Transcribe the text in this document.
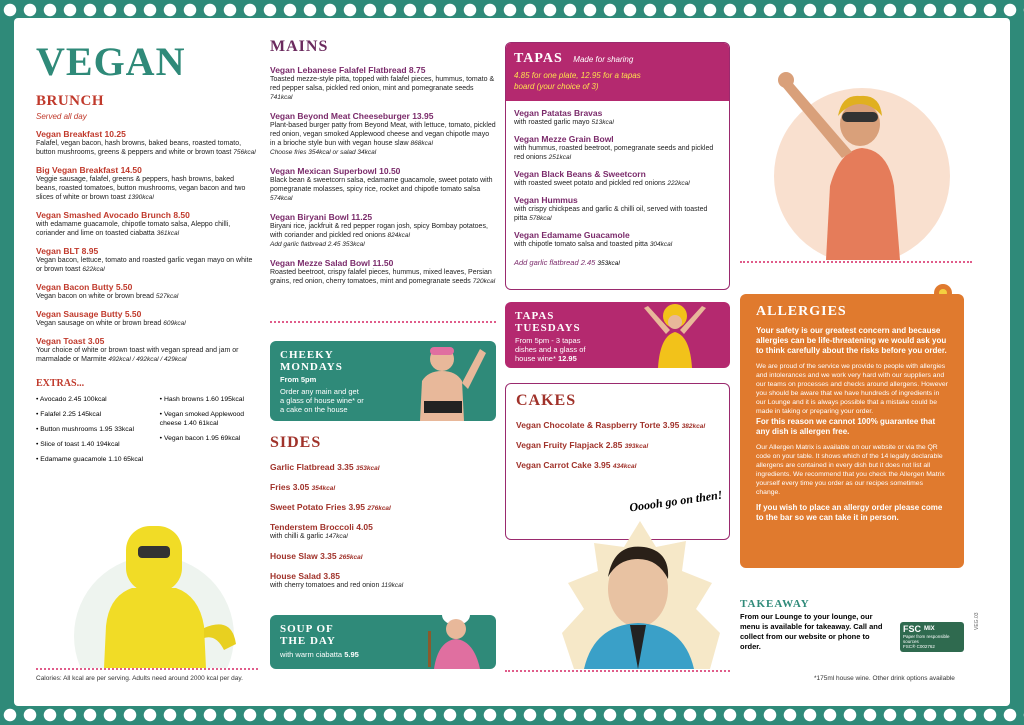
VEGAN
BRUNCH
Served all day
Vegan Breakfast 10.25
Falafel, vegan bacon, hash browns, baked beans, roasted tomato, button mushrooms, greens & peppers and white or brown toast 756kcal
Big Vegan Breakfast 14.50
Veggie sausage, falafel, greens & peppers, hash browns, baked beans, roasted tomatoes, button mushrooms, vegan bacon and two slices of white or brown toast 1390kcal
Vegan Smashed Avocado Brunch 8.50
with edamame guacamole, chipotle tomato salsa, Aleppo chilli, coriander and lime on toasted ciabatta 361kcal
Vegan BLT 8.95
Vegan bacon, lettuce, tomato and roasted garlic vegan mayo on white or brown toast 622kcal
Vegan Bacon Butty 5.50
Vegan bacon on white or brown bread 527kcal
Vegan Sausage Butty 5.50
Vegan sausage on white or brown bread 609kcal
Vegan Toast 3.05
Your choice of white or brown toast with vegan spread and jam or marmalade or Marmite 492kcal / 492kcal / 429kcal
EXTRAS...
• Avocado 2.45 100kcal
• Falafel 2.25 145kcal
• Button mushrooms 1.95 33kcal
• Slice of toast 1.40 194kcal
• Edamame guacamole 1.10 65kcal
• Hash browns 1.60 195kcal
• Vegan smoked Applewood cheese 1.40 61kcal
• Vegan bacon 1.95 69kcal
Calories: All kcal are per serving. Adults need around 2000 kcal per day.
MAINS
Vegan Lebanese Falafel Flatbread 8.75
Toasted mezze-style pitta, topped with falafel pieces, hummus, tomato & red pepper salsa, pickled red onion, mint and pomegranate seeds 741kcal
Vegan Beyond Meat Cheeseburger 13.95
Plant-based burger patty from Beyond Meat, with lettuce, tomato, pickled red onion, vegan smoked Applewood cheese and vegan chipotle mayo in a brioche style bun with vegan house slaw 868kcal
Choose fries 354kcal or salad 34kcal
Vegan Mexican Superbowl 10.50
Black bean & sweetcorn salsa, edamame guacamole, sweet potato with pomegranate molasses, spicy rice, rocket and chipotle tomato salsa 574kcal
Vegan Biryani Bowl 11.25
Biryani rice, jackfruit & red pepper rogan josh, spicy Bombay potatoes, with coriander and pickled red onions 824kcal
Add garlic flatbread 2.45 353kcal
Vegan Mezze Salad Bowl 11.50
Roasted beetroot, crispy falafel pieces, hummus, mixed leaves, Persian grains, red onion, cherry tomatoes, mint and pomegranate seeds 720kcal
CHEEKY
MONDAYS
From 5pm
Order any main and get
a glass of house wine* or
a cake on the house
SIDES
Garlic Flatbread 3.35 353kcal
Fries 3.05 354kcal
Sweet Potato Fries 3.95 276kcal
Tenderstem Broccoli 4.05
with chilli & garlic 147kcal
House Slaw 3.35 265kcal
House Salad 3.85
with cherry tomatoes and red onion 119kcal
SOUP OF
THE DAY
with warm ciabatta 5.95
TAPAS Made for sharing
4.85 for one plate, 12.95 for a tapas
board (your choice of 3)
Vegan Patatas Bravas
with roasted garlic mayo 513kcal
Vegan Mezze Grain Bowl
with hummus, roasted beetroot, pomegranate seeds and pickled red onions 251kcal
Vegan Black Beans & Sweetcorn
with roasted sweet potato and pickled red onions 222kcal
Vegan Hummus
with crispy chickpeas and garlic & chilli oil, served with toasted pitta 578kcal
Vegan Edamame Guacamole
with chipotle tomato salsa and toasted pitta 304kcal
Add garlic flatbread 2.45 353kcal
TAPAS
TUESDAYS
From 5pm - 3 tapas
dishes and a glass of
house wine* 12.95
CAKES
Vegan Chocolate & Raspberry Torte 3.95 382kcal
Vegan Fruity Flapjack 2.85 393kcal
Vegan Carrot Cake 3.95 434kcal
Ooooh go on then!
ALLERGIES
Your safety is our greatest concern and because allergies can be life-threatening we would ask you to think carefully about the risks before you order.
We are proud of the service we provide to people with allergies and intolerances and we work very hard with our suppliers and our teams on processes and checks around allergens. However you should be aware that we have hundreds of ingredients in our Lounge and it is always possible that a mistake could be made in taking or preparing your order.
For this reason we cannot 100% guarantee that any dish is allergen free.
Our Allergen Matrix is available on our website or via the QR code on your table. It shows which of the 14 legally declarable allergens are contained in every dish but it does not list all ingredients. We recommend that you check the Allergen Matrix yourself every time you order as our recipes sometimes change.
If you wish to place an allergy order please come to the bar so we can take it in person.
TAKEAWAY
From our Lounge to your lounge, our menu is available for takeaway. Call and collect from our website or phone to order.
FSC MIX
Paper from responsible sources
FSC® C002762
VEG.03
*175ml house wine. Other drink options available
